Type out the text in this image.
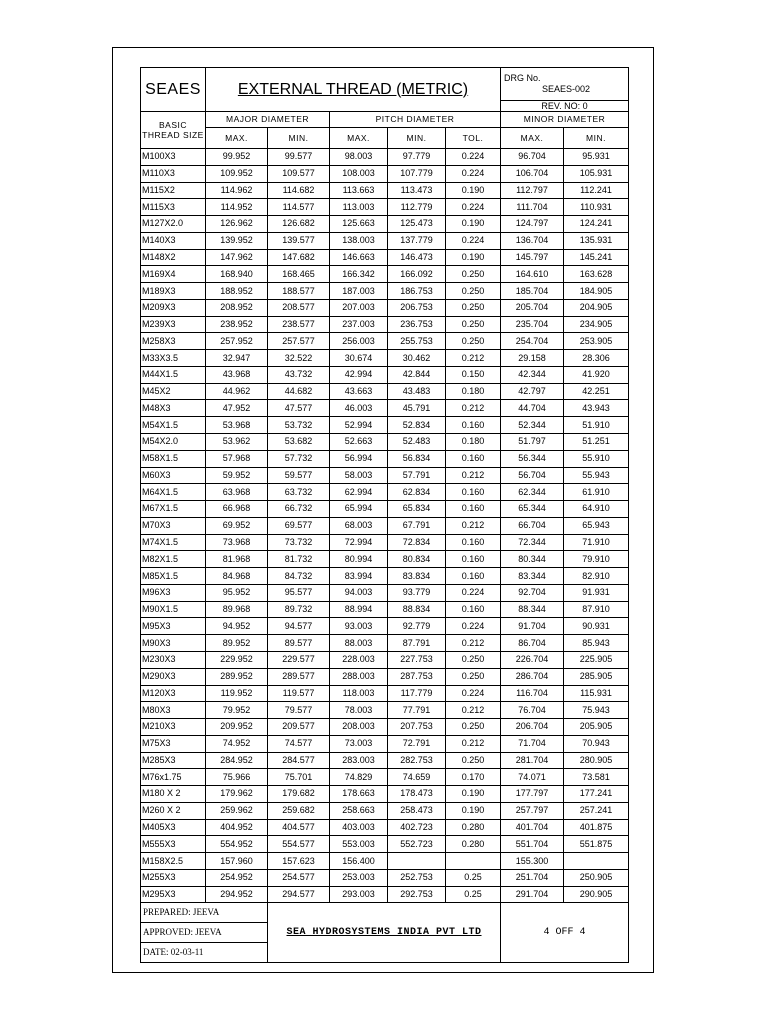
SEAES	EXTERNAL THREAD (METRIC)					DRG No.
SEAES-002	

						REV. NO: 0	
BASIC THREAD SIZE	MAJOR DIAMETER		PITCH DIAMETER			MINOR DIAMETER	
	MAX.	MIN.	MAX.	MIN.	TOL.	MAX.	MIN.
M100X3	99.952	99.577	98.003	97.779	0.224	96.704	95.931
M110X3	109.952	109.577	108.003	107.779	0.224	106.704	105.931
M115X2	114.962	114.682	113.663	113.473	0.190	112.797	112.241
M115X3	114.952	114.577	113.003	112.779	0.224	111.704	110.931
M127X2.0	126.962	126.682	125.663	125.473	0.190	124.797	124.241
M140X3	139.952	139.577	138.003	137.779	0.224	136.704	135.931
M148X2	147.962	147.682	146.663	146.473	0.190	145.797	145.241
M169X4	168.940	168.465	166.342	166.092	0.250	164.610	163.628
M189X3	188.952	188.577	187.003	186.753	0.250	185.704	184.905
M209X3	208.952	208.577	207.003	206.753	0.250	205.704	204.905
M239X3	238.952	238.577	237.003	236.753	0.250	235.704	234.905
M258X3	257.952	257.577	256.003	255.753	0.250	254.704	253.905
M33X3.5	32.947	32.522	30.674	30.462	0.212	29.158	28.306
M44X1.5	43.968	43.732	42.994	42.844	0.150	42.344	41.920
M45X2	44.962	44.682	43.663	43.483	0.180	42.797	42.251
M48X3	47.952	47.577	46.003	45.791	0.212	44.704	43.943
M54X1.5	53.968	53.732	52.994	52.834	0.160	52.344	51.910
M54X2.0	53.962	53.682	52.663	52.483	0.180	51.797	51.251
M58X1.5	57.968	57.732	56.994	56.834	0.160	56.344	55.910
M60X3	59.952	59.577	58.003	57.791	0.212	56.704	55.943
M64X1.5	63.968	63.732	62.994	62.834	0.160	62.344	61.910
M67X1.5	66.968	66.732	65.994	65.834	0.160	65.344	64.910
M70X3	69.952	69.577	68.003	67.791	0.212	66.704	65.943
M74X1.5	73.968	73.732	72.994	72.834	0.160	72.344	71.910
M82X1.5	81.968	81.732	80.994	80.834	0.160	80.344	79.910
M85X1.5	84.968	84.732	83.994	83.834	0.160	83.344	82.910
M96X3	95.952	95.577	94.003	93.779	0.224	92.704	91.931
M90X1.5	89.968	89.732	88.994	88.834	0.160	88.344	87.910
M95X3	94.952	94.577	93.003	92.779	0.224	91.704	90.931
M90X3	89.952	89.577	88.003	87.791	0.212	86.704	85.943
M230X3	229.952	229.577	228.003	227.753	0.250	226.704	225.905
M290X3	289.952	289.577	288.003	287.753	0.250	286.704	285.905
M120X3	119.952	119.577	118.003	117.779	0.224	116.704	115.931
M80X3	79.952	79.577	78.003	77.791	0.212	76.704	75.943
M210X3	209.952	209.577	208.003	207.753	0.250	206.704	205.905
M75X3	74.952	74.577	73.003	72.791	0.212	71.704	70.943
M285X3	284.952	284.577	283.003	282.753	0.250	281.704	280.905
M76x1.75	75.966	75.701	74.829	74.659	0.170	74.071	73.581
M180 X 2	179.962	179.682	178.663	178.473	0.190	177.797	177.241
M260 X 2	259.962	259.682	258.663	258.473	0.190	257.797	257.241
M405X3	404.952	404.577	403.003	402.723	0.280	401.704	401.875
M555X3	554.952	554.577	553.003	552.723	0.280	551.704	551.875
M158X2.5	157.960	157.623	156.400			155.300	
M255X3	254.952	254.577	253.003	252.753	0.25	251.704	250.905
M295X3	294.952	294.577	293.003	292.753	0.25	291.704	290.905
PREPARED: JEEVA		SEA HYDROSYSTEMS INDIA PVT LTD				4 OFF 4	
APPROVED: JEEVA							
DATE: 02-03-11							
